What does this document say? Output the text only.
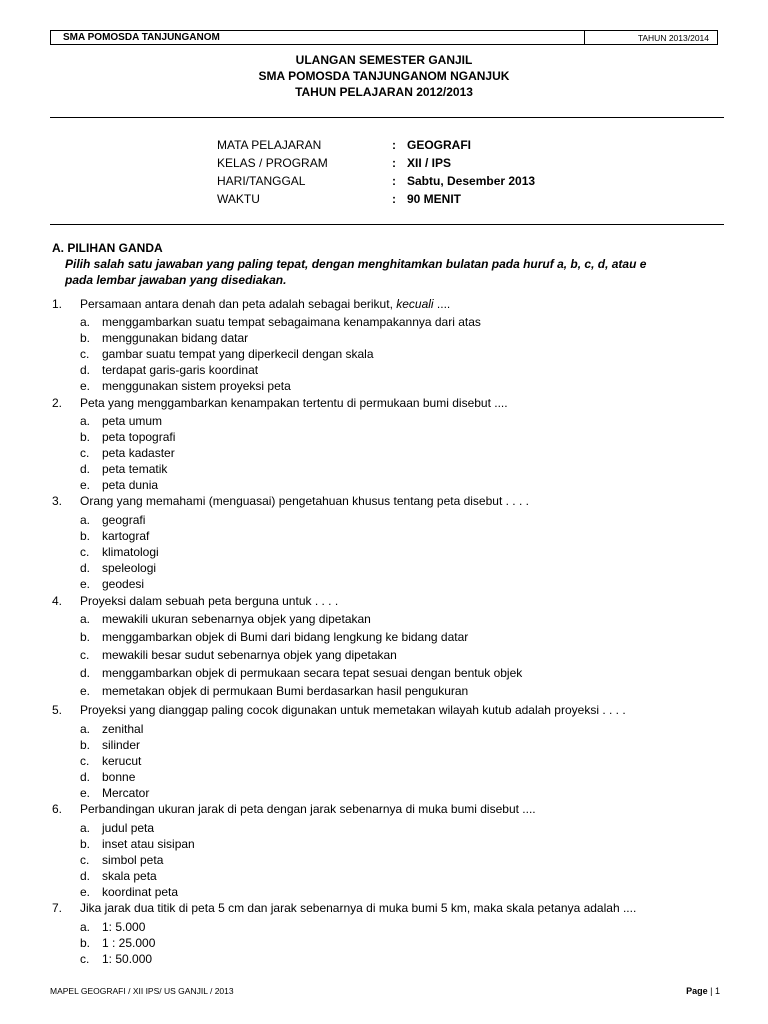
SMA POMOSDA TANJUNGANOM	TAHUN 2013/2014
ULANGAN SEMESTER GANJIL
SMA POMOSDA TANJUNGANOM NGANJUK
TAHUN PELAJARAN 2012/2013
MATA PELAJARAN	: GEOGRAFI
KELAS / PROGRAM	: XII / IPS
HARI/TANGGAL	: Sabtu, Desember 2013
WAKTU	: 90 MENIT
A. PILIHAN GANDA
Pilih salah satu jawaban yang paling tepat, dengan menghitamkan bulatan pada huruf a, b, c, d, atau e
pada lembar jawaban yang disediakan.
1. Persamaan antara denah dan peta adalah sebagai berikut, kecuali ....
a. menggambarkan suatu tempat sebagaimana kenampakannya dari atas
b. menggunakan bidang datar
c. gambar suatu tempat yang diperkecil dengan skala
d. terdapat garis-garis koordinat
e. menggunakan sistem proyeksi peta
2. Peta yang menggambarkan kenampakan tertentu di permukaan bumi disebut ....
a. peta umum
b. peta topografi
c. peta kadaster
d. peta tematik
e. peta dunia
3. Orang yang memahami (menguasai) pengetahuan khusus tentang peta disebut . . . .
a. geografi
b. kartograf
c. klimatologi
d. speleologi
e. geodesi
4. Proyeksi dalam sebuah peta berguna untuk . . . .
a. mewakili ukuran sebenarnya objek yang dipetakan
b. menggambarkan objek di Bumi dari bidang lengkung ke bidang datar
c. mewakili besar sudut sebenarnya objek yang dipetakan
d. menggambarkan objek di permukaan secara tepat sesuai dengan bentuk objek
e. memetakan objek di permukaan Bumi berdasarkan hasil pengukuran
5. Proyeksi yang dianggap paling cocok digunakan untuk memetakan wilayah kutub adalah proyeksi . . . .
a. zenithal
b. silinder
c. kerucut
d. bonne
e. Mercator
6. Perbandingan ukuran jarak di peta dengan jarak sebenarnya di muka bumi disebut ....
a. judul peta
b. inset atau sisipan
c. simbol peta
d. skala peta
e. koordinat peta
7. Jika jarak dua titik di peta 5 cm dan jarak sebenarnya di muka bumi 5 km, maka skala petanya adalah ....
a. 1: 5.000
b. 1 : 25.000
c. 1: 50.000
MAPEL GEOGRAFI / XII IPS/ US GANJIL / 2013	Page | 1
